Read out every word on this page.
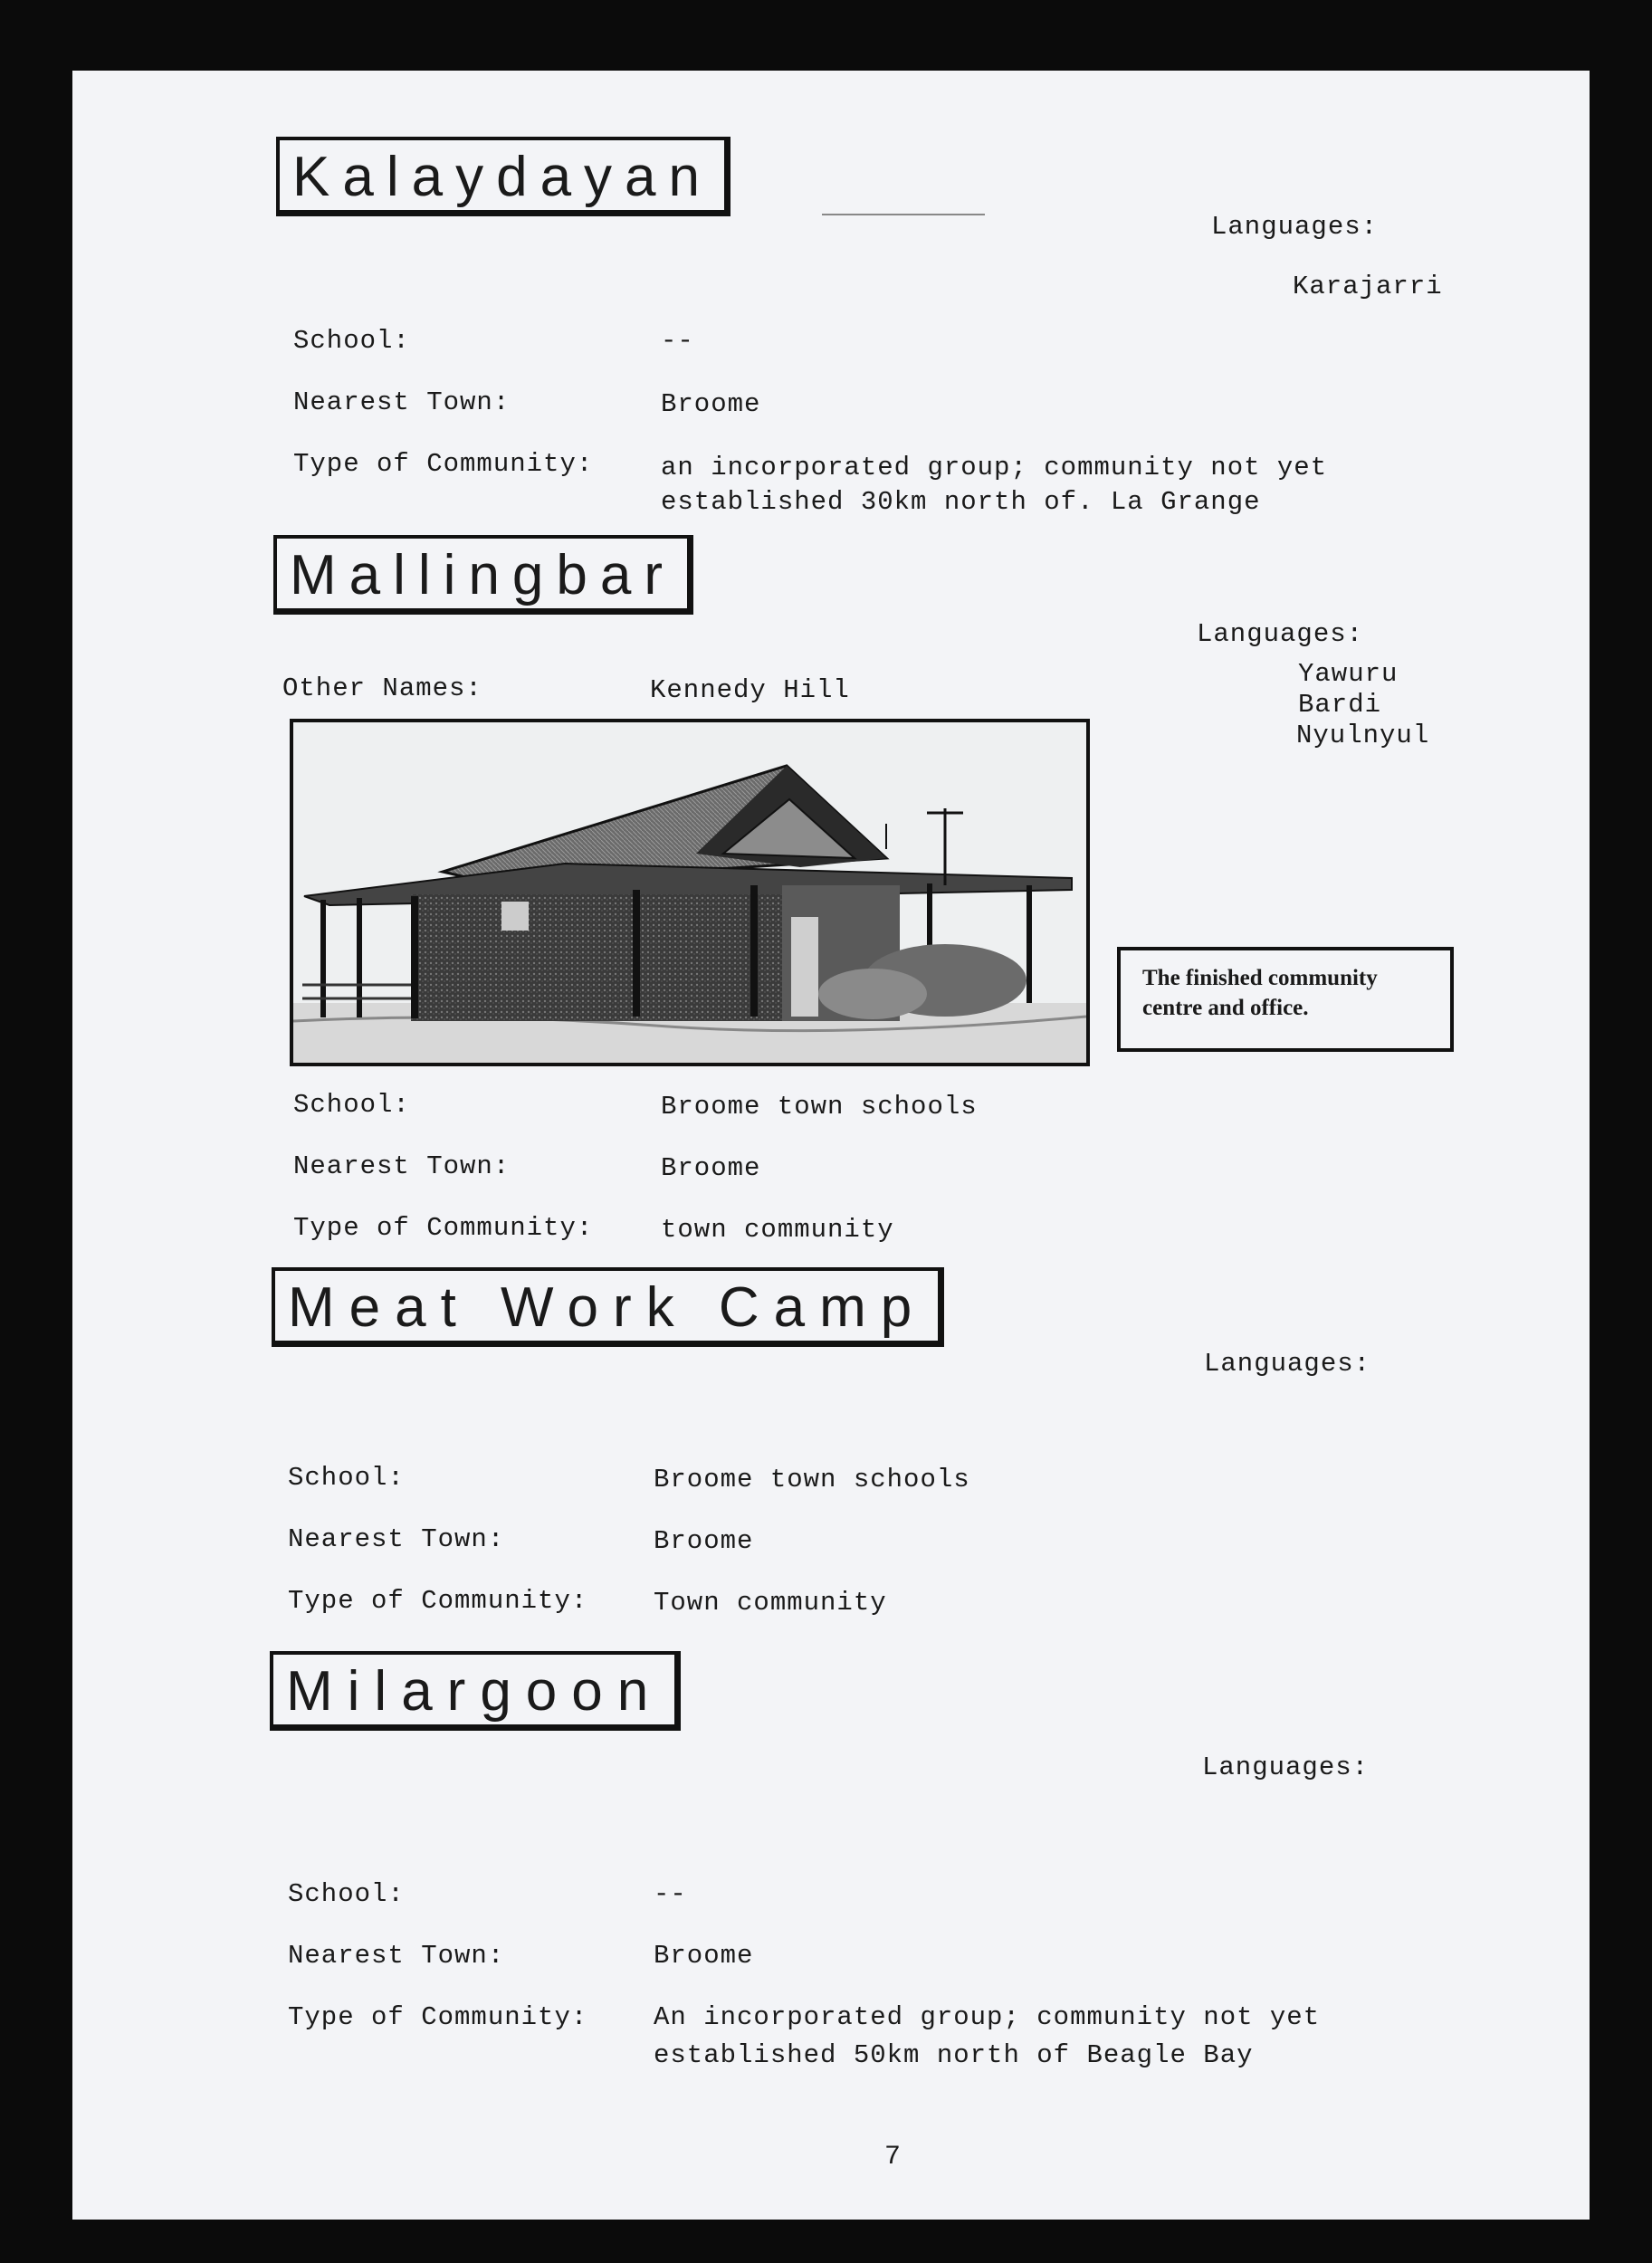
Kalaydayan
Languages:
Karajarri
School:	--
Nearest Town:	Broome
Type of Community:	an incorporated group; community not yet
established 30km north of. La Grange
Mallingbar
Languages:
Yawuru
Bardi
Nyulnyul
Other Names:	Kennedy Hill
The finished community centre and office.
School:	Broome town schools
Nearest Town:	Broome
Type of Community:	town community
Meat Work Camp
Languages:
School:	Broome town schools
Nearest Town:	Broome
Type of Community:	Town community
Milargoon
Languages:
School:	--
Nearest Town:	Broome
Type of Community:	An incorporated group; community not yet
established 50km north of Beagle Bay
7
